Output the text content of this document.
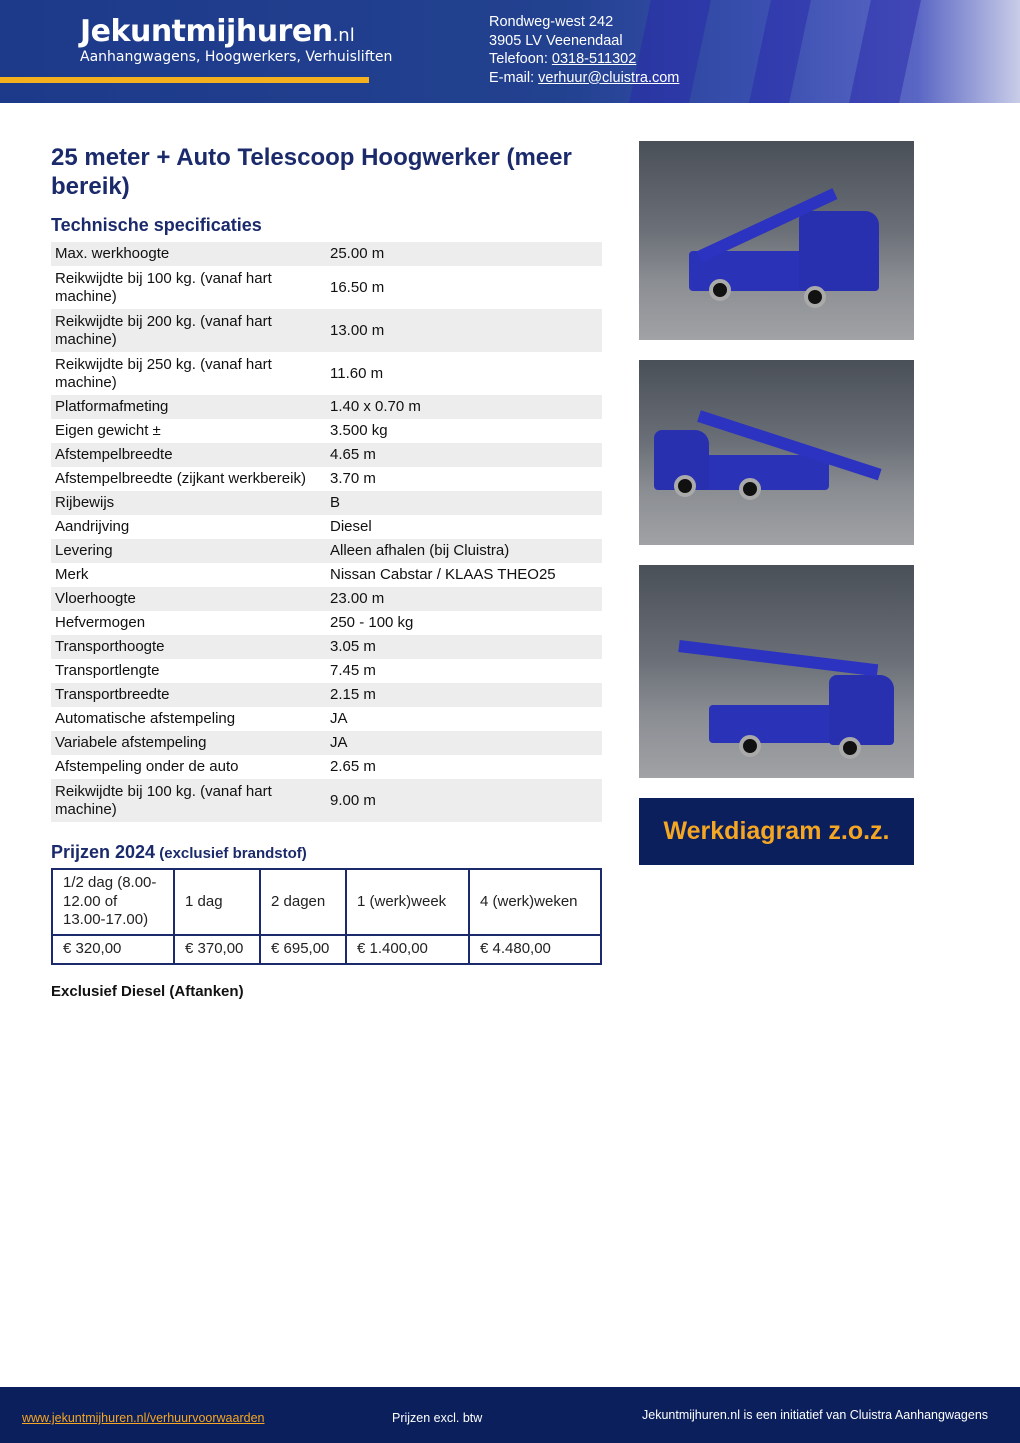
Jekuntmijhuren.nl
Aanhangwagens, Hoogwerkers, Verhuisliften
Rondweg-west 242
3905 LV Veenendaal
Telefoon: 0318-511302
E-mail: verhuur@cluistra.com
25 meter + Auto Telescoop Hoogwerker (meer bereik)
Technische specificaties
Max. werkhoogte	25.00 m
Reikwijdte bij 100 kg. (vanaf hart machine)	16.50 m
Reikwijdte bij 200 kg. (vanaf hart machine)	13.00 m
Reikwijdte bij 250 kg. (vanaf hart machine)	11.60 m
Platformafmeting	1.40 x 0.70 m
Eigen gewicht ±	3.500 kg
Afstempelbreedte	4.65 m
Afstempelbreedte (zijkant werkbereik)	3.70 m
Rijbewijs	B
Aandrijving	Diesel
Levering	Alleen afhalen (bij Cluistra)
Merk	Nissan Cabstar / KLAAS THEO25
Vloerhoogte	23.00 m
Hefvermogen	250 - 100 kg
Transporthoogte	3.05 m
Transportlengte	7.45 m
Transportbreedte	2.15 m
Automatische afstempeling	JA
Variabele afstempeling	JA
Afstempeling onder de auto	2.65 m
Reikwijdte bij 100 kg. (vanaf hart machine)	9.00 m
Prijzen 2024 (exclusief brandstof)
1/2 dag (8.00-12.00 of 13.00-17.00)	1 dag	2 dagen	1 (werk)week	4 (werk)weken
€ 320,00	€ 370,00	€ 695,00	€ 1.400,00	€ 4.480,00
Exclusief Diesel (Aftanken)
Werkdiagram z.o.z.
www.jekuntmijhuren.nl/verhuurvoorwaarden	Prijzen excl. btw	Jekuntmijhuren.nl is een initiatief van Cluistra Aanhangwagens
